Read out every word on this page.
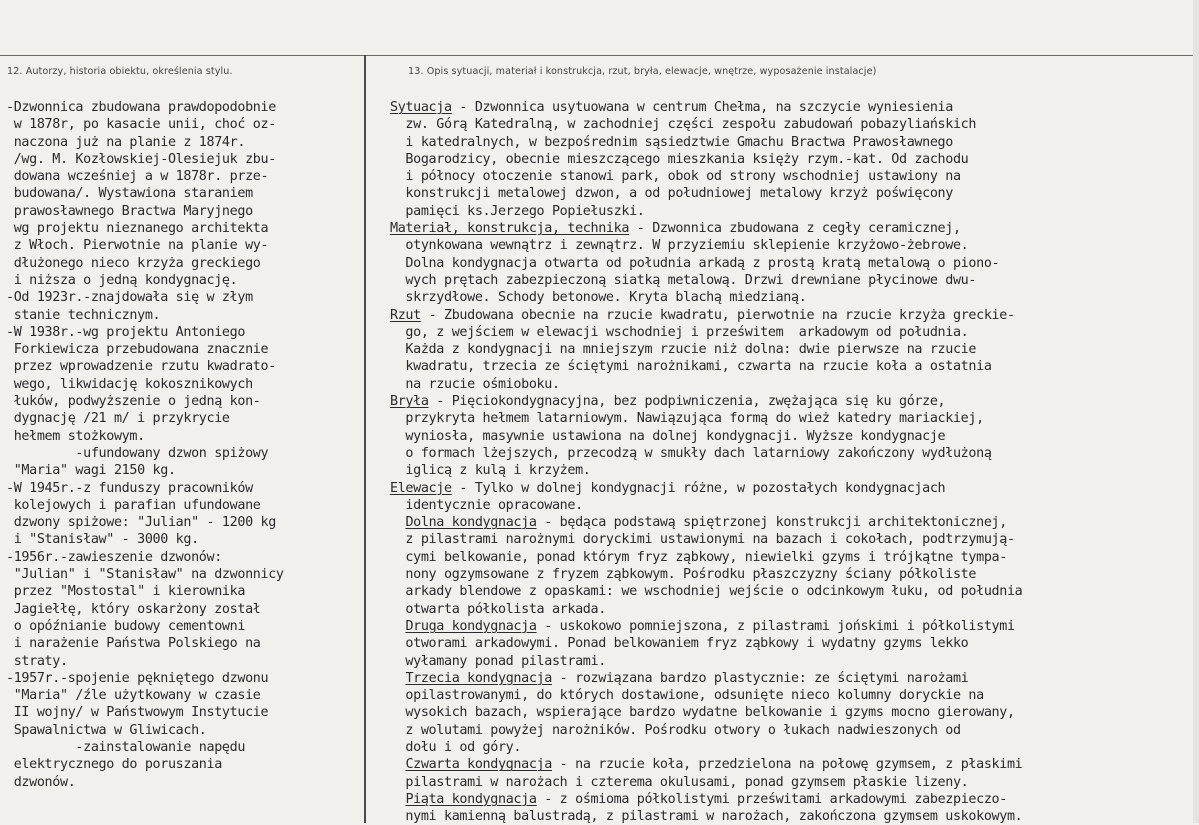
12. Autorzy, historia obiektu, określenia stylu.	13. Opis sytuacji, materiał i konstrukcja, rzut, bryła, elewacje, wnętrze, wyposażenie instalacje)
-Dzwonnica zbudowana prawdopodobnie
w 1878r, po kasacie unii, choć oz-
naczona już na planie z 1874r.
/wg. M. Kozłowskiej-Olesiejuk zbu-
dowana wcześniej a w 1878r. prze-
budowana/. Wystawiona staraniem
prawosławnego Bractwa Maryjnego
wg projektu nieznanego architekta
z Włoch. Pierwotnie na planie wy-
dłużonego nieco krzyża greckiego
i niższa o jedną kondygnację.
-Od 1923r.-znajdowała się w złym
stanie technicznym.
-W 1938r.-wg projektu Antoniego
Forkiewicza przebudowana znacznie
przez wprowadzenie rzutu kwadrato-
wego, likwidację kokosznikowych
łuków, podwyższenie o jedną kon-
dygnację /21 m/ i przykrycie
hełmem stożkowym.
-ufundowany dzwon spiżowy
"Maria" wagi 2150 kg.
-W 1945r.-z funduszy pracowników
kolejowych i parafian ufundowane
dzwony spiżowe: "Julian" - 1200 kg
i "Stanisław" - 3000 kg.
-1956r.-zawieszenie dzwonów:
"Julian" i "Stanisław" na dzwonnicy
przez "Mostostal" i kierownika
Jagiełłę, który oskarżony został
o opóźnianie budowy cementowni
i narażenie Państwa Polskiego na
straty.
-1957r.-spojenie pękniętego dzwonu
"Maria" /źle użytkowany w czasie
II wojny/ w Państwowym Instytucie
Spawalnictwa w Gliwicach.
-zainstalowanie napędu
elektrycznego do poruszania
dzwonów.
Sytuacja - Dzwonnica usytuowana w centrum Chełma, na szczycie wyniesienia
zw. Górą Katedralną, w zachodniej części zespołu zabudowań pobazyliańskich
i katedralnych, w bezpośrednim sąsiedztwie Gmachu Bractwa Prawosławnego
Bogarodzicy, obecnie mieszczącego mieszkania księży rzym.-kat. Od zachodu
i północy otoczenie stanowi park, obok od strony wschodniej ustawiony na
konstrukcji metalowej dzwon, a od południowej metalowy krzyż poświęcony
pamięci ks.Jerzego Popiełuszki.
Materiał, konstrukcja, technika - Dzwonnica zbudowana z cegły ceramicznej,
otynkowana wewnątrz i zewnątrz. W przyziemiu sklepienie krzyżowo-żebrowe.
Dolna kondygnacja otwarta od południa arkadą z prostą kratą metalową o piono-
wych prętach zabezpieczoną siatką metalową. Drzwi drewniane płycinowe dwu-
skrzydłowe. Schody betonowe. Kryta blachą miedzianą.
Rzut - Zbudowana obecnie na rzucie kwadratu, pierwotnie na rzucie krzyża greckie-
go, z wejściem w elewacji wschodniej i prześwitem  arkadowym od południa.
Każda z kondygnacji na mniejszym rzucie niż dolna: dwie pierwsze na rzucie
kwadratu, trzecia ze ściętymi narożnikami, czwarta na rzucie koła a ostatnia
na rzucie ośmioboku.
Bryła - Pięciokondygnacyjna, bez podpiwniczenia, zwężająca się ku górze,
przykryta hełmem latarniowym. Nawiązująca formą do wież katedry mariackiej,
wyniosła, masywnie ustawiona na dolnej kondygnacji. Wyższe kondygnacje
o formach lżejszych, przecodzą w smukły dach latarniowy zakończony wydłużoną
iglicą z kulą i krzyżem.
Elewacje - Tylko w dolnej kondygnacji różne, w pozostałych kondygnacjach
identycznie opracowane.
Dolna kondygnacja - będąca podstawą spiętrzonej konstrukcji architektonicznej,
z pilastrami narożnymi doryckimi ustawionymi na bazach i cokołach, podtrzymują-
cymi belkowanie, ponad którym fryz ząbkowy, niewielki gzyms i trójkątne tympa-
nony ogzymsowane z fryzem ząbkowym. Pośrodku płaszczyzny ściany półkoliste
arkady blendowe z opaskami: we wschodniej wejście o odcinkowym łuku, od południa
otwarta półkolista arkada.
Druga kondygnacja - uskokowo pomniejszona, z pilastrami jońskimi i półkolistymi
otworami arkadowymi. Ponad belkowaniem fryz ząbkowy i wydatny gzyms lekko
wyłamany ponad pilastrami.
Trzecia kondygnacja - rozwiązana bardzo plastycznie: ze ściętymi narożami
opilastrowanymi, do których dostawione, odsunięte nieco kolumny doryckie na
wysokich bazach, wspierające bardzo wydatne belkowanie i gzyms mocno gierowany,
z wolutami powyżej narożników. Pośrodku otwory o łukach nadwieszonych od
dołu i od góry.
Czwarta kondygnacja - na rzucie koła, przedzielona na połowę gzymsem, z płaskimi
pilastrami w narożach i czterema okulusami, ponad gzymsem płaskie lizeny.
Piąta kondygnacja - z ośmioma półkolistymi prześwitami arkadowymi zabezpieczo-
nymi kamienną balustradą, z pilastrami w narożach, zakończona gzymsem uskokowym.
